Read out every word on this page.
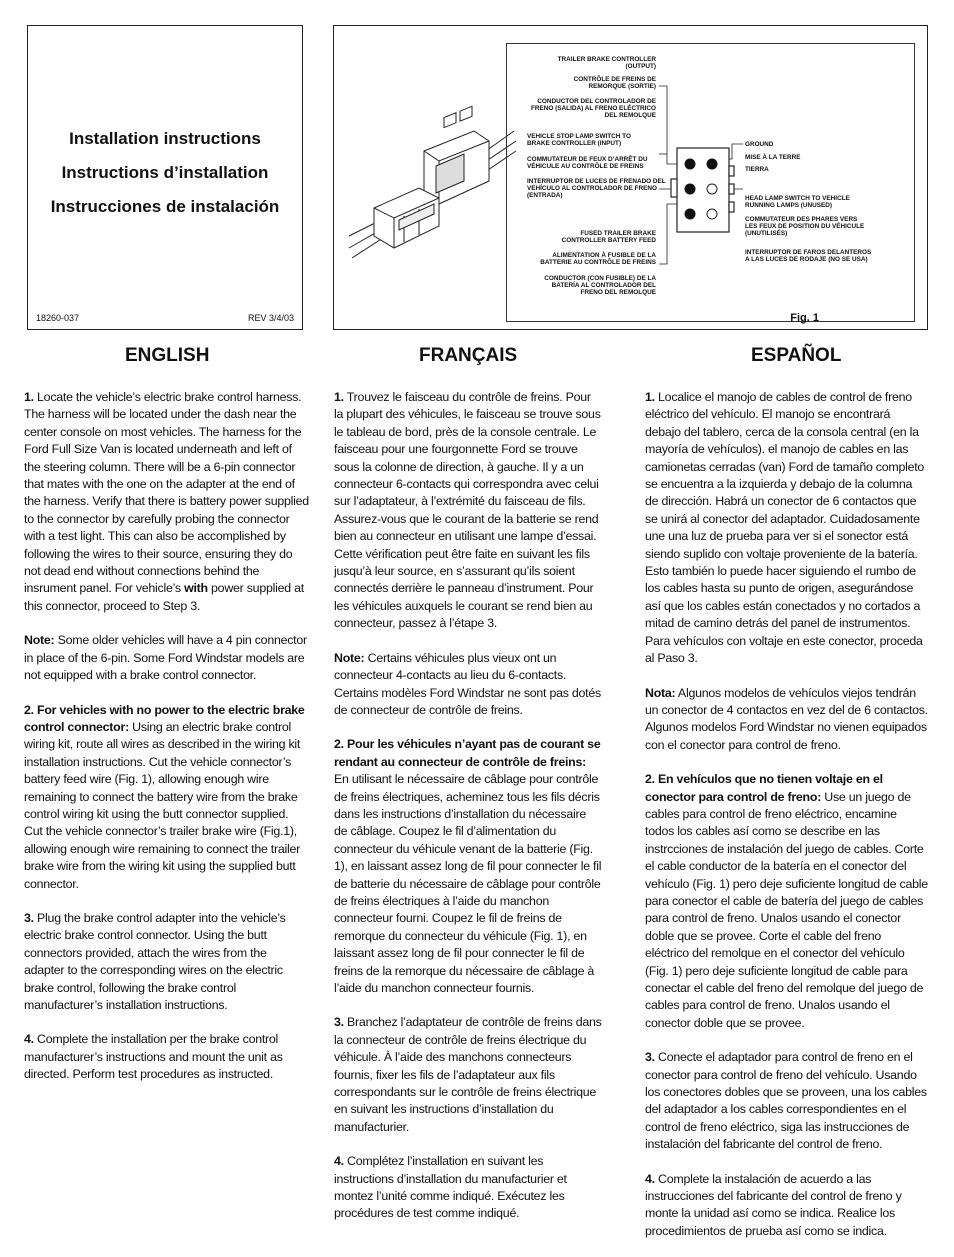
Installation instructions
Instructions d’installation
Instrucciones de instalación
18260-037	REV 3/4/03
TRAILER BRAKE CONTROLLER
(OUTPUT)
CONTRÔLE DE FREINS DE
REMORQUE (SORTIE)
CONDUCTOR DEL CONTROLADOR DE
FRENO (SALIDA) AL FRENO ELÉCTRICO
DEL REMOLQUE
VEHICLE STOP LAMP SWITCH TO
BRAKE CONTROLLER (INPUT)
COMMUTATEUR DE FEUX D’ARRÊT DU
VÉHICULE AU CONTRÔLE DE FREINS
INTERRUPTOR DE LUCES DE FRENADO DEL
VEHÍCULO AL CONTROLADOR DE FRENO
(ENTRADA)
FUSED TRAILER BRAKE
CONTROLLER BATTERY FEED
ALIMENTATION À FUSIBLE DE LA
BATTERIE AU CONTRÔLE DE FREINS
CONDUCTOR (CON FUSIBLE) DE LA
BATERÍA AL CONTROLADOR DEL
FRENO DEL REMOLQUE
GROUND
MISE À LA TERRE
TIERRA
HEAD LAMP SWITCH TO VEHICLE
RUNNING LAMPS (UNUSED)
COMMUTATEUR DES PHARES VERS
LES FEUX DE POSITION DU VÉHICULE
(UNUTILISÉS)
INTERRUPTOR DE FAROS DELANTEROS
A LAS LUCES DE RODAJE (NO SE USA)
Fig. 1
ENGLISH	FRANÇAIS	ESPAÑOL

1. Locate the vehicle’s electric brake control harness. The harness will be located under the dash near the center console on most vehicles. The harness for the Ford Full Size Van is located underneath and left of the steering column. There will be a 6-pin connector that mates with the one on the adapter at the end of the harness. Verify that there is battery power supplied to the connector by carefully probing the connector with a test light. This can also be accomplished by following the wires to their source, ensuring they do not dead end without connections behind the insrument panel. For vehicle’s with power supplied at this connector, proceed to Step 3.

Note: Some older vehicles will have a 4 pin connector in place of the 6-pin. Some Ford Windstar models are not equipped with a brake control connector.

2. For vehicles with no power to the electric brake control connector: Using an electric brake control wiring kit, route all wires as described in the wiring kit installation instructions. Cut the vehicle connector’s battery feed wire (Fig. 1), allowing enough wire remaining to connect the battery wire from the brake control wiring kit using the butt connector supplied. Cut the vehicle connector’s trailer brake wire (Fig.1), allowing enough wire remaining to connect the trailer brake wire from the wiring kit using the supplied butt connector.

3. Plug the brake control adapter into the vehicle’s electric brake control connector. Using the butt connectors provided, attach the wires from the adapter to the corresponding wires on the electric brake control, following the brake control manufacturer’s installation instructions.

4. Complete the installation per the brake control manufacturer’s instructions and mount the unit as directed. Perform test procedures as instructed.

1. Trouvez le faisceau du contrôle de freins. Pour la plupart des véhicules, le faisceau se trouve sous le tableau de bord, près de la console centrale. Le faisceau pour une fourgonnette Ford se trouve sous la colonne de direction, à gauche. Il y a un connecteur 6-contacts qui correspondra avec celui sur l’adaptateur, à l’extrémité du faisceau de fils. Assurez-vous que le courant de la batterie se rend bien au connecteur en utilisant une lampe d’essai. Cette vérification peut être faite en suivant les fils jusqu’à leur source, en s’assurant qu’ils soient connectés derrière le panneau d’instrument. Pour les véhicules auxquels le courant se rend bien au connecteur, passez à l’étape 3.

Note: Certains véhicules plus vieux ont un connecteur 4-contacts au lieu du 6-contacts. Certains modèles Ford Windstar ne sont pas dotés de connecteur de contrôle de freins.

2. Pour les véhicules n’ayant pas de courant se rendant au connecteur de contrôle de freins: En utilisant le nécessaire de câblage pour contrôle de freins électriques, acheminez tous les fils décris dans les instructions d’installation du nécessaire de câblage. Coupez le fil d’alimentation du connecteur du véhicule venant de la batterie (Fig. 1), en laissant assez long de fil pour connecter le fil de batterie du nécessaire de câblage pour contrôle de freins électriques à l’aide du manchon connecteur fourni. Coupez le fil de freins de remorque du connecteur du véhicule (Fig. 1), en laissant assez long de fil pour connecter le fil de freins de la remorque du nécessaire de câblage à l’aide du manchon connecteur fournis.

3. Branchez l’adaptateur de contrôle de freins dans la connecteur de contrôle de freins électrique du véhicule. À l’aide des manchons connecteurs fournis, fixer les fils de l’adaptateur aux fils correspondants sur le contrôle de freins électrique en suivant les instructions d’installation du manufacturier.

4. Complétez l’installation en suivant les instructions d’installation du manufacturier et montez l’unité comme indiqué. Exécutez les procédures de test comme indiqué.

1. Localice el manojo de cables de control de freno eléctrico del vehículo. El manojo se encontrará debajo del tablero, cerca de la consola central (en la mayoría de vehículos). el manojo de cables en las camionetas cerradas (van) Ford de tamaño completo se encuentra a la izquierda y debajo de la columna de dirección. Habrá un conector de 6 contactos que se unirá al conector del adaptador. Cuidadosamente une una luz de prueba para ver si el sonector está siendo suplido con voltaje proveniente de la batería. Esto también lo puede hacer siguiendo el rumbo de los cables hasta su punto de origen, asegurándose así que los cables están conectados y no cortados a mitad de camino detrás del panel de instrumentos. Para vehículos con voltaje en este conector, proceda al Paso 3.

Nota: Algunos modelos de vehículos viejos tendrán un conector de 4 contactos en vez del de 6 contactos. Algunos modelos Ford Windstar no vienen equipados con el conector para control de freno.

2. En vehículos que no tienen voltaje en el conector para control de freno: Use un juego de cables para control de freno eléctrico, encamine todos los cables así como se describe en las instrcciones de instalación del juego de cables. Corte el cable conductor de la batería en el conector del vehículo (Fig. 1) pero deje suficiente longitud de cable para conector el cable de batería del juego de cables para control de freno. Unalos usando el conector doble que se provee. Corte el cable del freno eléctrico del remolque en el conector del vehículo (Fig. 1) pero deje suficiente longitud de cable para conectar el cable del freno del remolque del juego de cables para control de freno. Unalos usando el conector doble que se provee.

3. Conecte el adaptador para control de freno en el conector para control de freno del vehículo. Usando los conectores dobles que se proveen, una los cables del adaptador a los cables correspondientes en el control de freno eléctrico, siga las instrucciones de instalación del fabricante del control de freno.

4. Complete la instalación de acuerdo a las instrucciones del fabricante del control de freno y monte la unidad así como se indica. Realice los procedimientos de prueba así como se indica.
